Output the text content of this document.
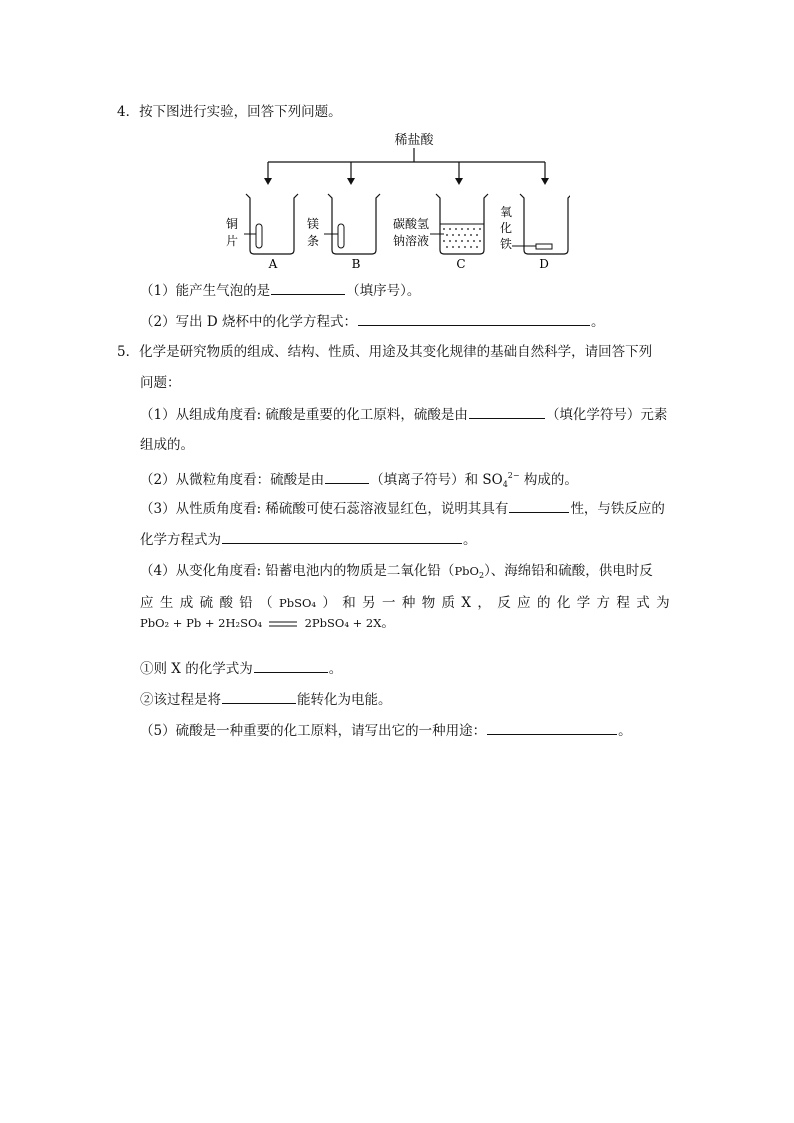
4．按下图进行实验，回答下列问题。
稀盐酸
铜
片
A
镁
条
B
碳酸氢
钠溶液
C
氧
化
铁
D
（1）能产生气泡的是	（填序号）。
（2）写出 D 烧杯中的化学方程式：	。
5．化学是研究物质的组成、结构、性质、用途及其变化规律的基础自然科学，请回答下列
问题：
（1）从组成角度看: 硫酸是重要的化工原料，硫酸是由	（填化学符号）元素
组成的。
（2）从微粒角度看：硫酸是由	（填离子符号）和 $SO_4^{2-}$ 构成的。
（3）从性质角度看: 稀硫酸可使石蕊溶液显红色，说明其具有	性，与铁反应的
化学方程式为	。
（4）从变化角度看: 铅蓄电池内的物质是二氧化铅（PbO$_2$）、海绵铅和硫酸，供电时反
应 生 成 硫 酸 铅 （ PbSO₄ ） 和 另 一 种 物 质 X ， 反 应 的 化 学 方 程 式 为
PbO₂ + Pb + 2H₂SO₄	2PbSO₄ + 2X。
①则 X 的化学式为	。
②该过程是将	能转化为电能。
（5）硫酸是一种重要的化工原料，请写出它的一种用途：	。
